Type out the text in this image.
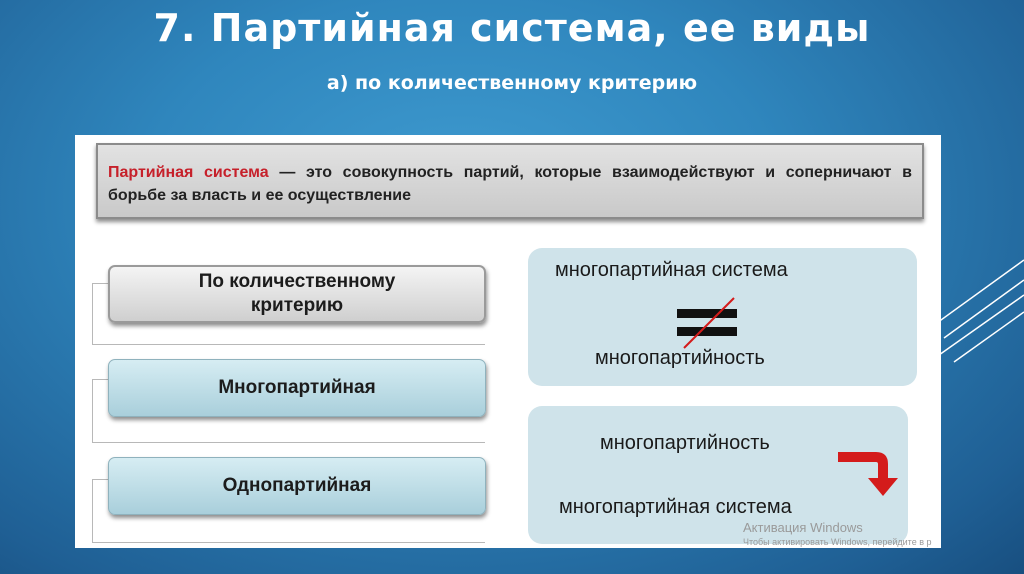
7. Партийная система, ее виды
а) по количественному критерию
Партийная система — это совокупность партий, которые взаимодействуют и соперничают в борьбе за власть и ее осуществление
По количественному критерию
Многопартийная
Однопартийная
многопартийная система
многопартийность
многопартийность
многопартийная система
Активация Windows
Чтобы активировать Windows, перейдите в р
